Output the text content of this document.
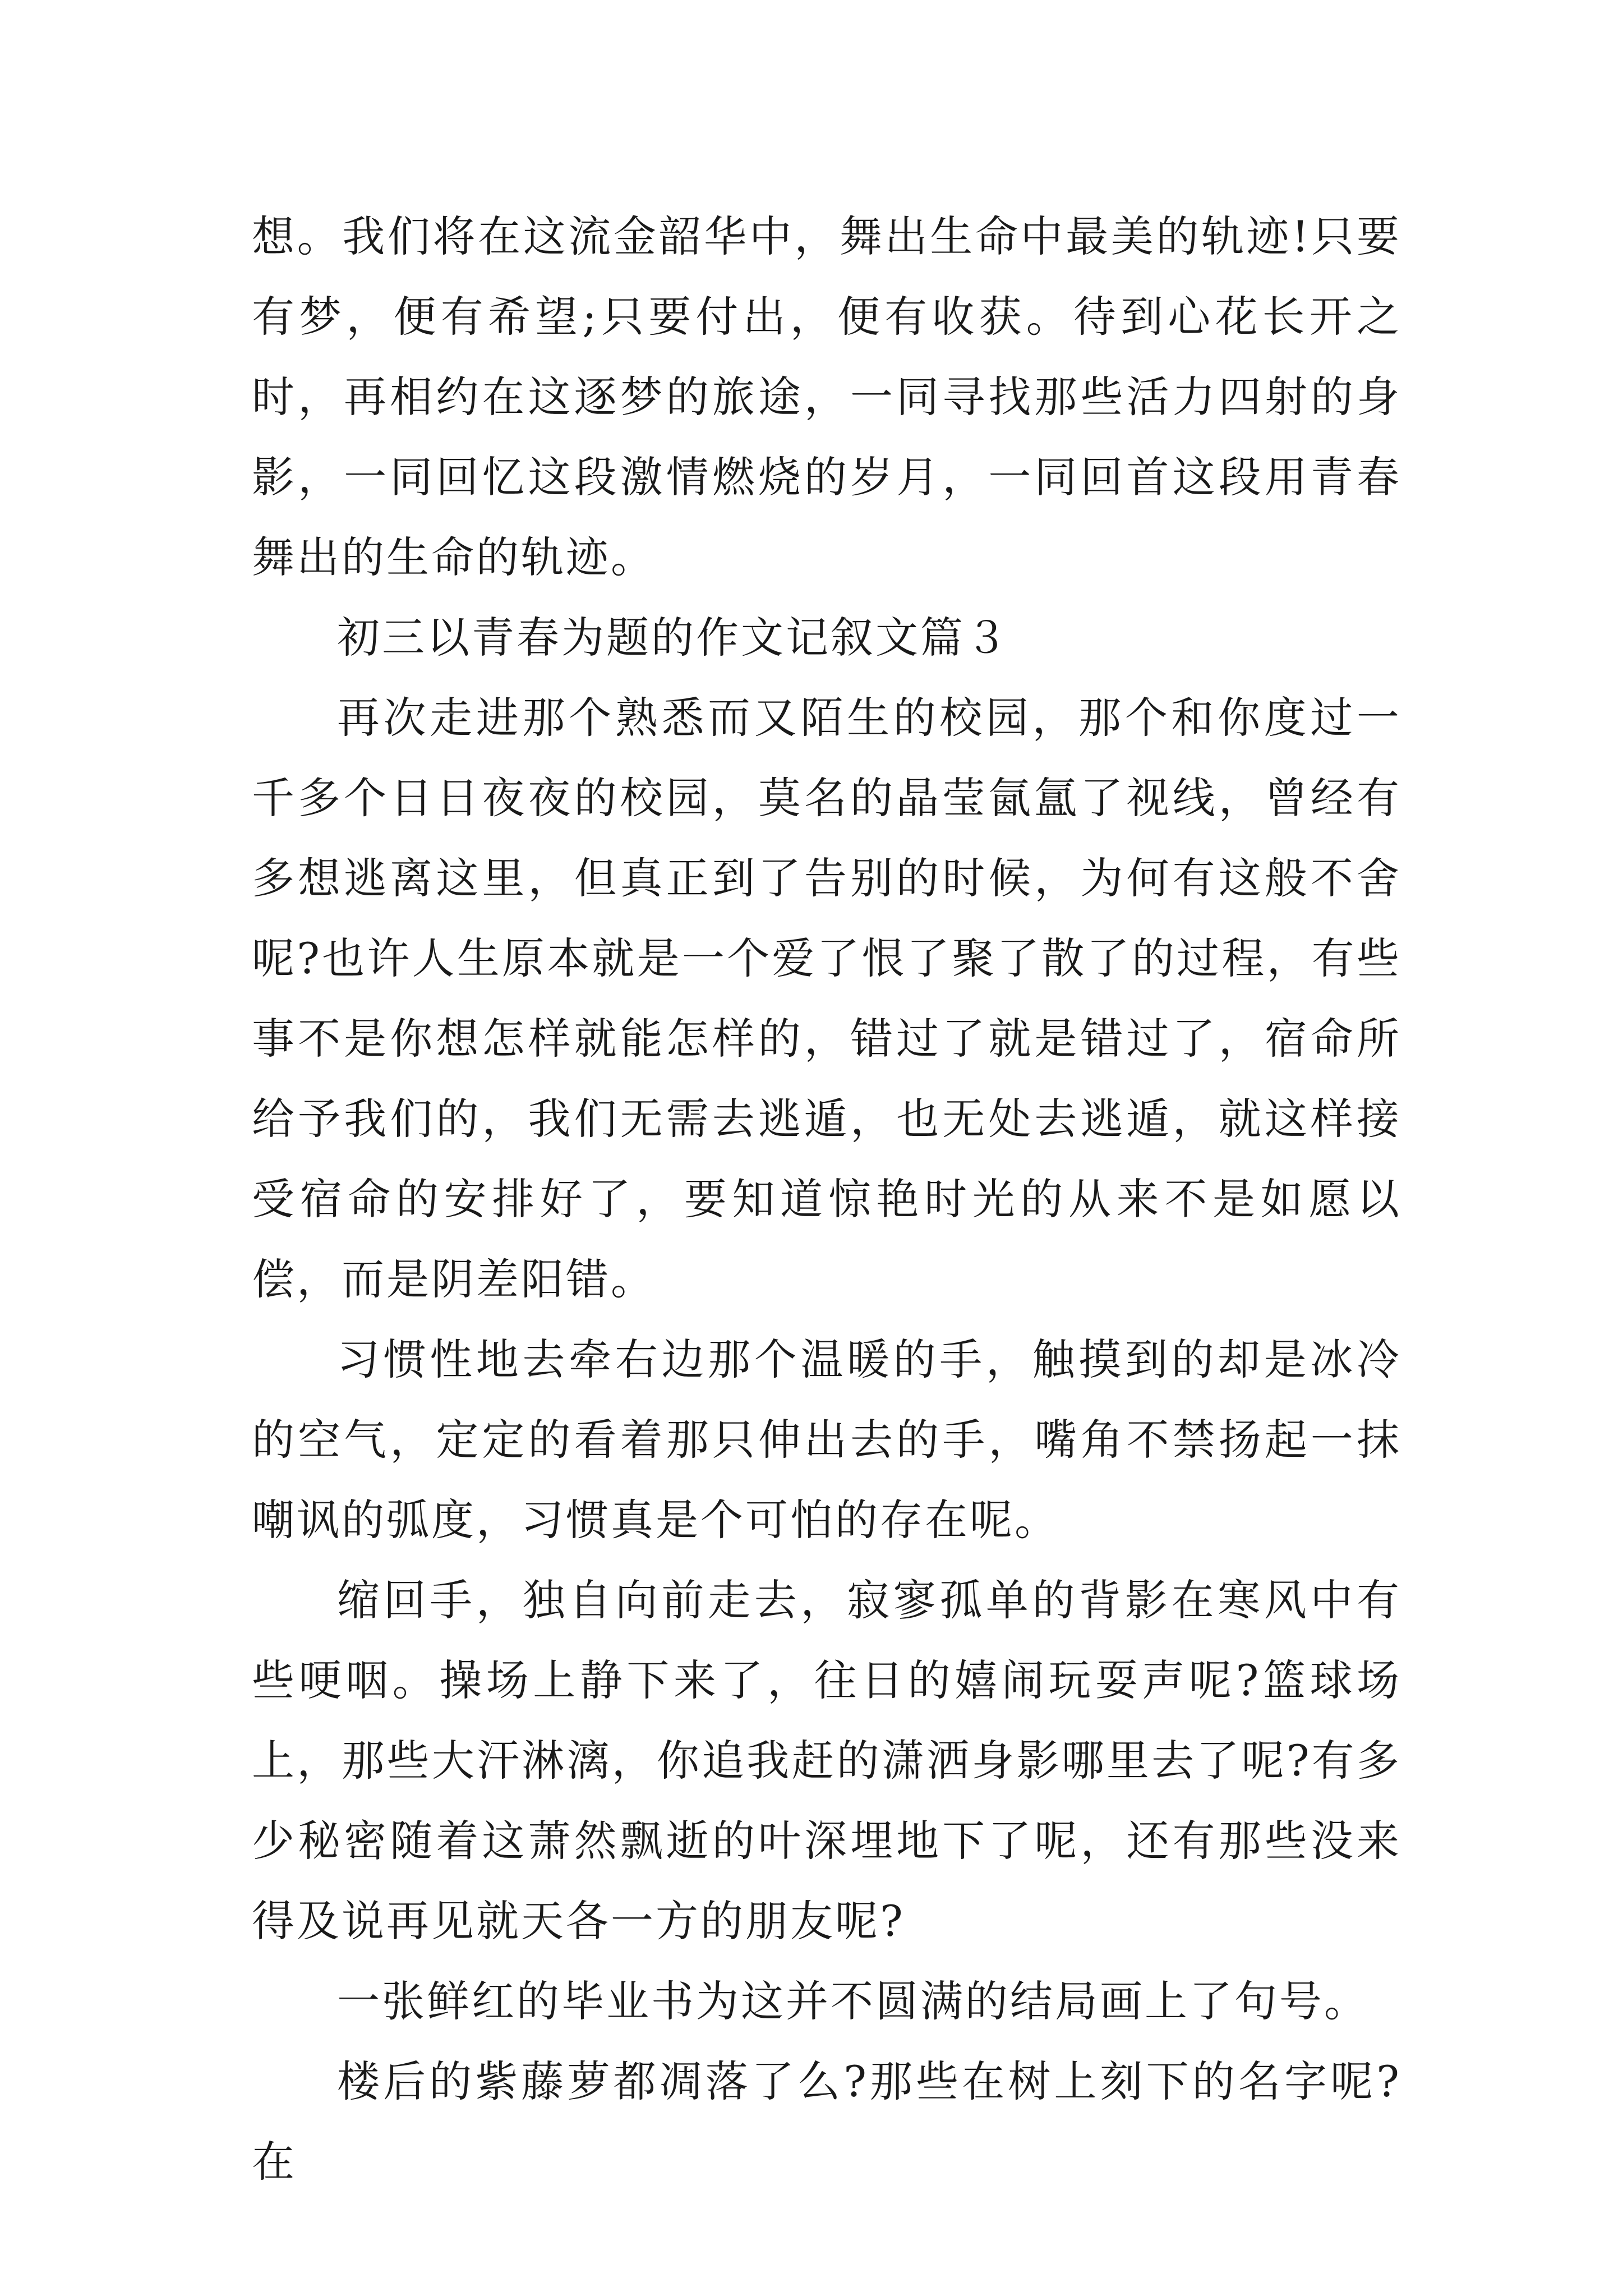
想。我们将在这流金韶华中，舞出生命中最美的轨迹!只要有梦，便有希望;只要付出，便有收获。待到心花长开之时，再相约在这逐梦的旅途，一同寻找那些活力四射的身影，一同回忆这段激情燃烧的岁月，一同回首这段用青春舞出的生命的轨迹。

初三以青春为题的作文记叙文篇３

再次走进那个熟悉而又陌生的校园，那个和你度过一千多个日日夜夜的校园，莫名的晶莹氤氲了视线，曾经有多想逃离这里，但真正到了告别的时候，为何有这般不舍呢?也许人生原本就是一个爱了恨了聚了散了的过程，有些事不是你想怎样就能怎样的，错过了就是错过了，宿命所给予我们的，我们无需去逃遁，也无处去逃遁，就这样接受宿命的安排好了，要知道惊艳时光的从来不是如愿以偿，而是阴差阳错。

习惯性地去牵右边那个温暖的手，触摸到的却是冰冷的空气，定定的看着那只伸出去的手，嘴角不禁扬起一抹嘲讽的弧度，习惯真是个可怕的存在呢。

缩回手，独自向前走去，寂寥孤单的背影在寒风中有些哽咽。操场上静下来了，往日的嬉闹玩耍声呢?篮球场上，那些大汗淋漓，你追我赶的潇洒身影哪里去了呢?有多少秘密随着这萧然飘逝的叶深埋地下了呢，还有那些没来得及说再见就天各一方的朋友呢?

一张鲜红的毕业书为这并不圆满的结局画上了句号。

楼后的紫藤萝都凋落了么?那些在树上刻下的名字呢?在
